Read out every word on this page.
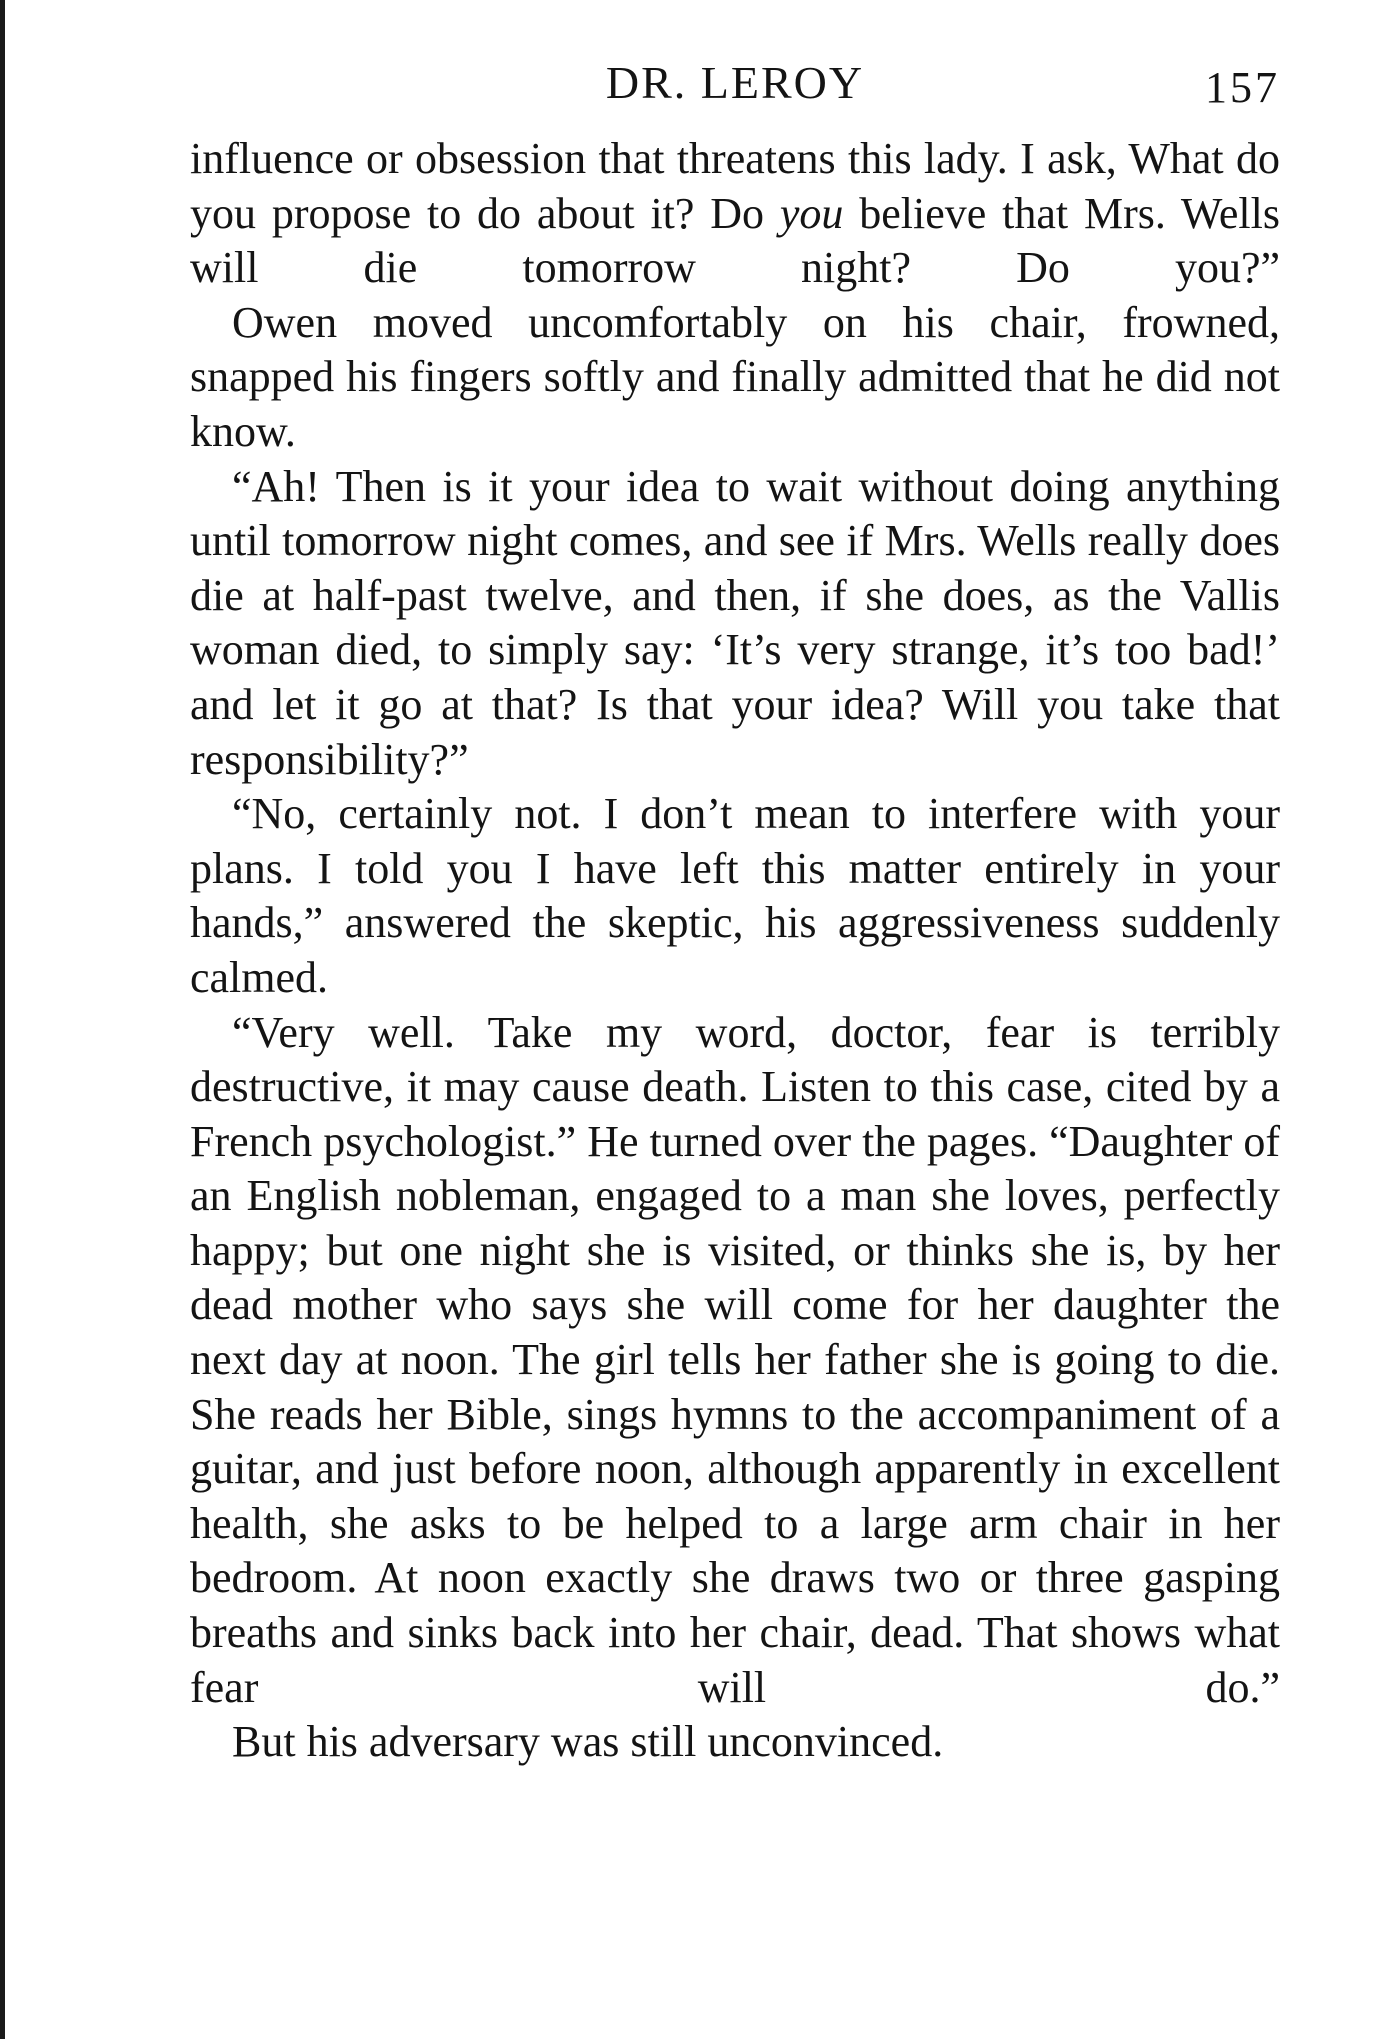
DR. LEROY	157

influence or obsession that threatens this lady. I ask, What do you propose to do about it? Do you believe that Mrs. Wells will die tomorrow night? Do you?”

Owen moved uncomfortably on his chair, frowned, snapped his fingers softly and finally admitted that he did not know.

“Ah! Then is it your idea to wait without doing anything until tomorrow night comes, and see if Mrs. Wells really does die at half-past twelve, and then, if she does, as the Vallis woman died, to simply say: ‘It’s very strange, it’s too bad!’ and let it go at that? Is that your idea? Will you take that responsibility?”

“No, certainly not. I don’t mean to interfere with your plans. I told you I have left this matter entirely in your hands,” answered the skeptic, his aggressiveness suddenly calmed.

“Very well. Take my word, doctor, fear is terribly destructive, it may cause death. Listen to this case, cited by a French psychologist.” He turned over the pages. “Daughter of an English nobleman, engaged to a man she loves, perfectly happy; but one night she is visited, or thinks she is, by her dead mother who says she will come for her daughter the next day at noon. The girl tells her father she is going to die. She reads her Bible, sings hymns to the accompaniment of a guitar, and just before noon, although apparently in excellent health, she asks to be helped to a large arm chair in her bedroom. At noon exactly she draws two or three gasping breaths and sinks back into her chair, dead. That shows what fear will do.”

But his adversary was still unconvinced.
